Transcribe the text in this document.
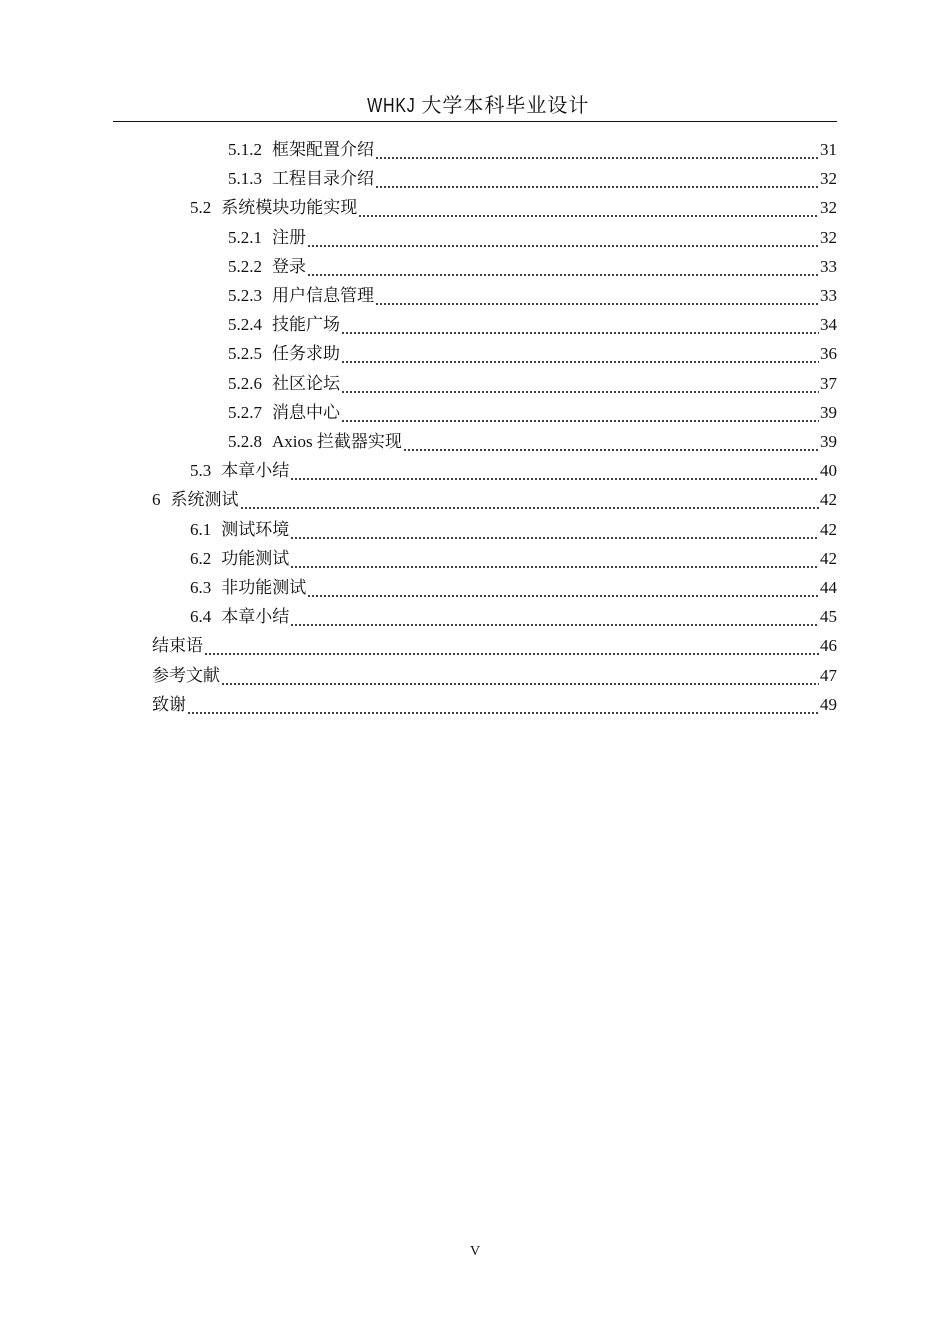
WHKJ 大学本科毕业设计
5.1.2 框架配置介绍	31
5.1.3 工程目录介绍	32
5.2 系统模块功能实现	32
5.2.1 注册	32
5.2.2 登录	33
5.2.3 用户信息管理	33
5.2.4 技能广场	34
5.2.5 任务求助	36
5.2.6 社区论坛	37
5.2.7 消息中心	39
5.2.8 Axios 拦截器实现	39
5.3 本章小结	40
6 系统测试	42
6.1 测试环境	42
6.2 功能测试	42
6.3 非功能测试	44
6.4 本章小结	45
结束语	46
参考文献	47
致谢	49
V
